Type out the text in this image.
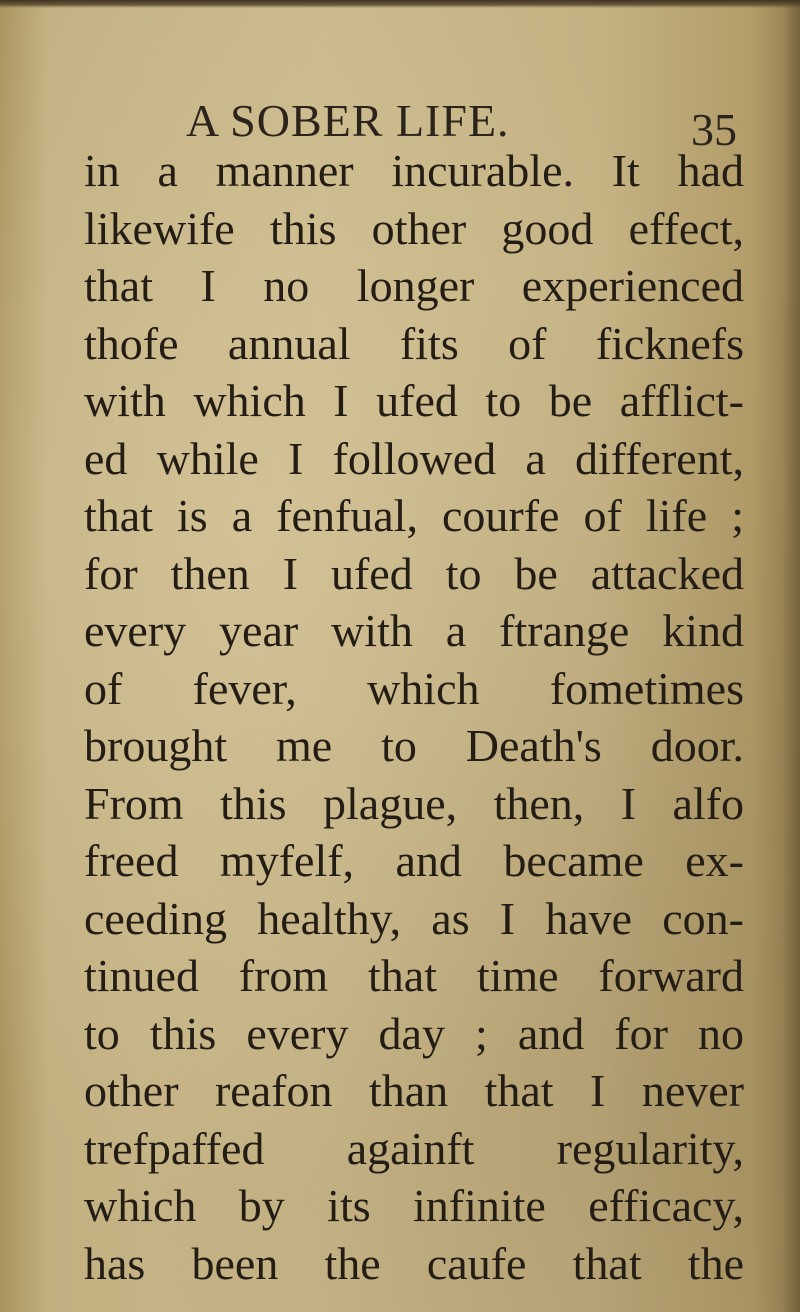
A SOBER LIFE.	35
in a manner incurable. It had
likewife this other good effect,
that I no longer experienced
thofe annual fits of ficknefs
with which I ufed to be afflict-
ed while I followed a different,
that is a fenfual, courfe of life ;
for then I ufed to be attacked
every year with a ftrange kind
of fever, which fometimes
brought me to Death's door.
From this plague, then, I alfo
freed myfelf, and became ex-
ceeding healthy, as I have con-
tinued from that time forward
to this every day ; and for no
other reafon than that I never
trefpaffed againft regularity,
which by its infinite efficacy,
has been the caufe that the
